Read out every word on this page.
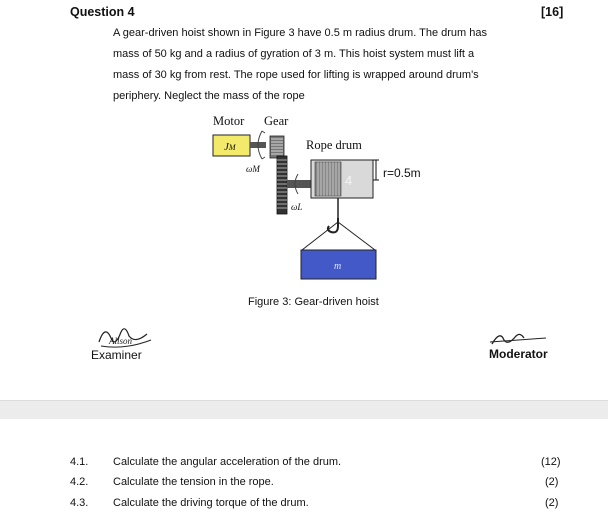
Question 4	[16]
A gear-driven hoist shown in Figure 3 have 0.5 m radius drum. The drum has
mass of 50 kg and a radius of gyration of 3 m. This hoist system must lift a
mass of 30 kg from rest. The rope used for lifting is wrapped around drum's
periphery. Neglect the mass of the rope
Motor Gear
JM
ωM
ωL
Rope drum
4	r=0.5m
m
Figure 3: Gear-driven hoist
Allson
Examiner	Moderator
4.1. Calculate the angular acceleration of the drum.	(12)
4.2. Calculate the tension in the rope.	(2)
4.3. Calculate the driving torque of the drum.	(2)
